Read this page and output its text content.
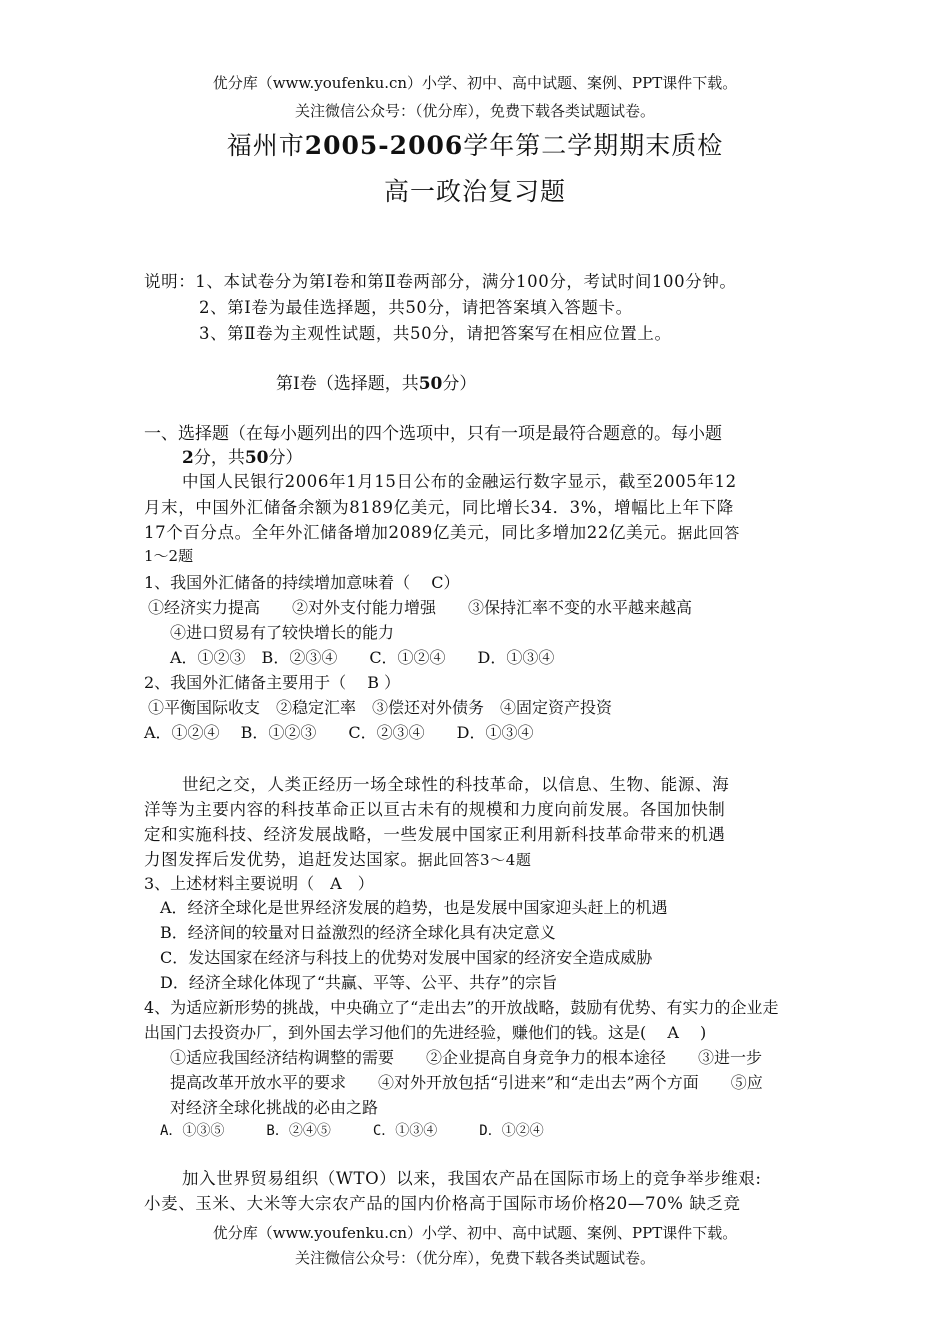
优分库（www.youfenku.cn）小学、初中、高中试题、案例、PPT课件下载。
关注微信公众号：（优分库），免费下载各类试题试卷。
福州市2005-2006学年第二学期期末质检
高一政治复习题
说明：1、本试卷分为第Ⅰ卷和第Ⅱ卷两部分，满分100分，考试时间100分钟。
2、第Ⅰ卷为最佳选择题，共50分，请把答案填入答题卡。
3、第Ⅱ卷为主观性试题，共50分，请把答案写在相应位置上。
第Ⅰ卷（选择题，共50分）
一、选择题（在每小题列出的四个选项中，只有一项是最符合题意的。每小题
2分，共50分）
中国人民银行2006年1月15日公布的金融运行数字显示，截至2005年12
月末，中国外汇储备余额为8189亿美元，同比增长34．3%，增幅比上年下降
17个百分点。全年外汇储备增加2089亿美元，同比多增加22亿美元。据此回答
1～2题
1、我国外汇储备的持续增加意味着（　 C）
①经济实力提高　　②对外支付能力增强　　③保持汇率不变的水平越来越高
④进口贸易有了较快增长的能力
A．①②③　B．②③④　　C．①②④　　D．①③④
2、我国外汇储备主要用于（　 B ）
①平衡国际收支　②稳定汇率　③偿还对外债务　④固定资产投资
A．①②④　 B．①②③　　C．②③④　　D．①③④
世纪之交，人类正经历一场全球性的科技革命，以信息、生物、能源、海
洋等为主要内容的科技革命正以亘古未有的规模和力度向前发展。各国加快制
定和实施科技、经济发展战略，一些发展中国家正利用新科技革命带来的机遇
力图发挥后发优势，追赶发达国家。据此回答3～4题
3、上述材料主要说明（　A　）
A．经济全球化是世界经济发展的趋势，也是发展中国家迎头赶上的机遇
B．经济间的较量对日益激烈的经济全球化具有决定意义
C．发达国家在经济与科技上的优势对发展中国家的经济安全造成威胁
D．经济全球化体现了“共赢、平等、公平、共存”的宗旨
4、为适应新形势的挑战，中央确立了“走出去”的开放战略，鼓励有优势、有实力的企业走
出国门去投资办厂，到外国去学习他们的先进经验，赚他们的钱。这是(　 A　 )
①适应我国经济结构调整的需要　　②企业提高自身竞争力的根本途径　　③进一步
提高改革开放水平的要求　　④对外开放包括“引进来”和“走出去”两个方面　　⑤应
对经济全球化挑战的必由之路
A．①③⑤　　　B．②④⑤　　　C．①③④　　　D．①②④
加入世界贸易组织（WTO）以来，我国农产品在国际市场上的竞争举步维艰:
小麦、玉米、大米等大宗农产品的国内价格高于国际市场价格20—70% 缺乏竞
优分库（www.youfenku.cn）小学、初中、高中试题、案例、PPT课件下载。
关注微信公众号：（优分库），免费下载各类试题试卷。
